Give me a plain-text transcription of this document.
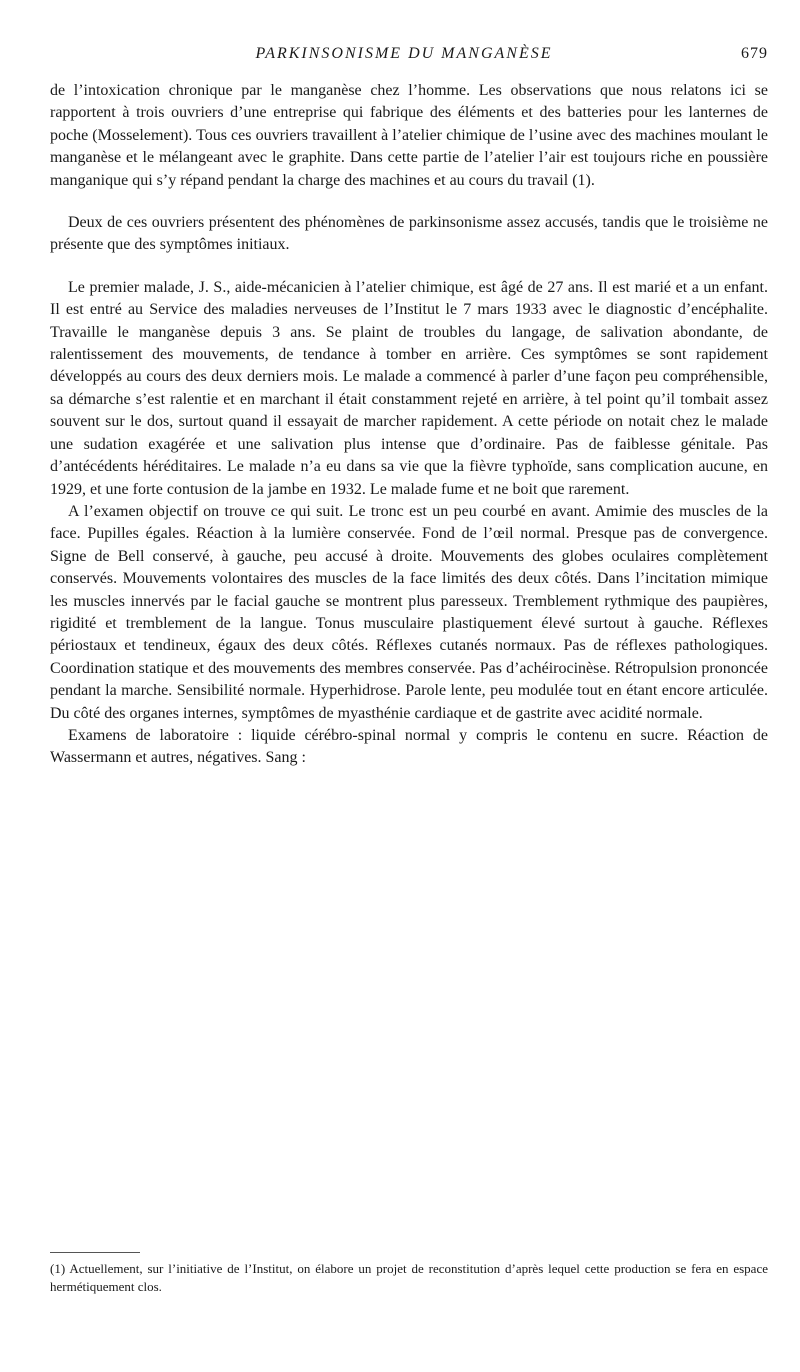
PARKINSONISME DU MANGANÈSE	679

de l’intoxication chronique par le manganèse chez l’homme. Les observations que nous relatons ici se rapportent à trois ouvriers d’une entreprise qui fabrique des éléments et des batteries pour les lanternes de poche (Mosselement). Tous ces ouvriers travaillent à l’atelier chimique de l’usine avec des machines moulant le manganèse et le mélangeant avec le graphite. Dans cette partie de l’atelier l’air est toujours riche en poussière manganique qui s’y répand pendant la charge des machines et au cours du travail (1).

Deux de ces ouvriers présentent des phénomènes de parkinsonisme assez accusés, tandis que le troisième ne présente que des symptômes initiaux.

Le premier malade, J. S., aide-mécanicien à l’atelier chimique, est âgé de 27 ans. Il est marié et a un enfant. Il est entré au Service des maladies nerveuses de l’Institut le 7 mars 1933 avec le diagnostic d’encéphalite. Travaille le manganèse depuis 3 ans. Se plaint de troubles du langage, de salivation abondante, de ralentissement des mouvements, de tendance à tomber en arrière. Ces symptômes se sont rapidement développés au cours des deux derniers mois. Le malade a commencé à parler d’une façon peu compréhensible, sa démarche s’est ralentie et en marchant il était constamment rejeté en arrière, à tel point qu’il tombait assez souvent sur le dos, surtout quand il essayait de marcher rapidement. A cette période on notait chez le malade une sudation exagérée et une salivation plus intense que d’ordinaire. Pas de faiblesse génitale. Pas d’antécédents héréditaires. Le malade n’a eu dans sa vie que la fièvre typhoïde, sans complication aucune, en 1929, et une forte contusion de la jambe en 1932. Le malade fume et ne boit que rarement.

A l’examen objectif on trouve ce qui suit. Le tronc est un peu courbé en avant. Amimie des muscles de la face. Pupilles égales. Réaction à la lumière conservée. Fond de l’œil normal. Presque pas de convergence. Signe de Bell conservé, à gauche, peu accusé à droite. Mouvements des globes oculaires complètement conservés. Mouvements volontaires des muscles de la face limités des deux côtés. Dans l’incitation mimique les muscles innervés par le facial gauche se montrent plus paresseux. Tremblement rythmique des paupières, rigidité et tremblement de la langue. Tonus musculaire plastiquement élevé surtout à gauche. Réflexes périostaux et tendineux, égaux des deux côtés. Réflexes cutanés normaux. Pas de réflexes pathologiques. Coordination statique et des mouvements des membres conservée. Pas d’achéirocinèse. Rétropulsion prononcée pendant la marche. Sensibilité normale. Hyperhidrose. Parole lente, peu modulée tout en étant encore articulée. Du côté des organes internes, symptômes de myasthénie cardiaque et de gastrite avec acidité normale.

Examens de laboratoire : liquide cérébro-spinal normal y compris le contenu en sucre. Réaction de Wassermann et autres, négatives. Sang :

(1) Actuellement, sur l’initiative de l’Institut, on élabore un projet de reconstitution d’après lequel cette production se fera en espace hermétiquement clos.
